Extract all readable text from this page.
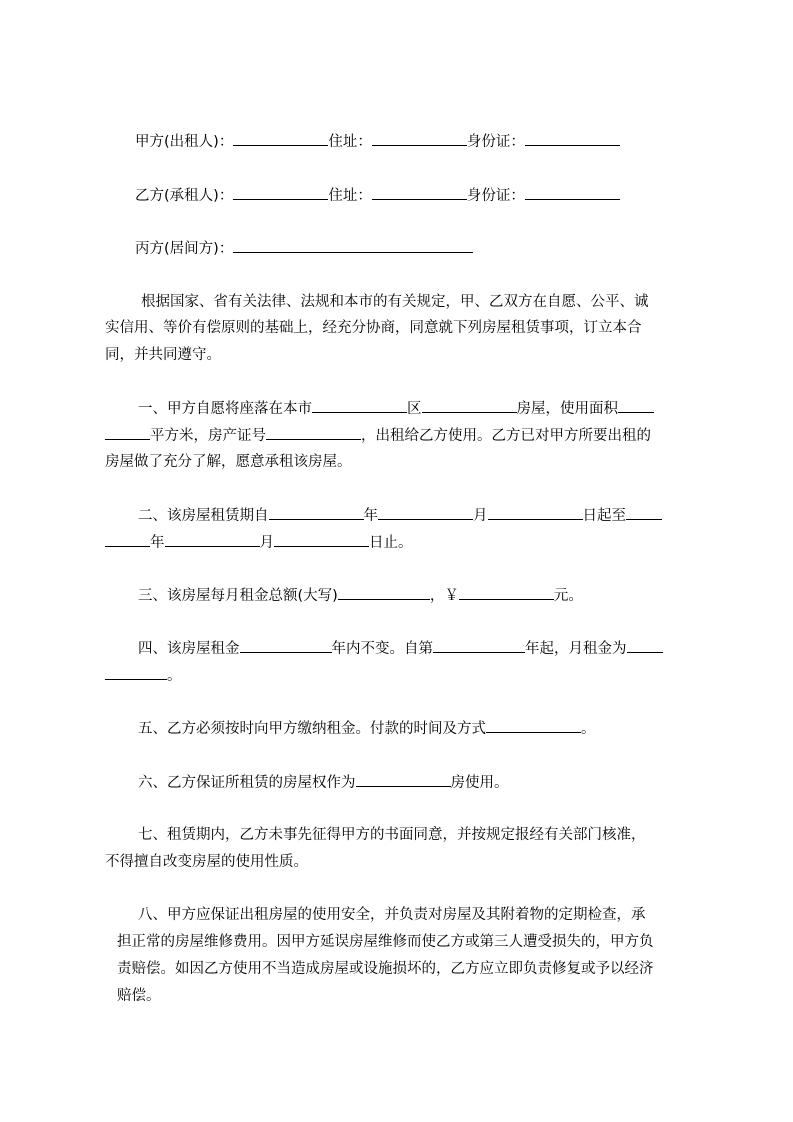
甲方(出租人)：	住址：	身份证：
乙方(承租人)：	住址：	身份证：
丙方(居间方)：
根据国家、省有关法律、法规和本市的有关规定，甲、乙双方在自愿、公平、诚
实信用、等价有偿原则的基础上，经充分协商，同意就下列房屋租赁事项，订立本合
同，并共同遵守。
一、甲方自愿将座落在本市	区	房屋，使用面积
平方米，房产证号	，出租给乙方使用。乙方已对甲方所要出租的
房屋做了充分了解，愿意承租该房屋。
二、该房屋租赁期自	年	月	日起至
年	月	日止。
三、该房屋每月租金总额(大写)	，￥	元。
四、该房屋租金	年内不变。自第	年起，月租金为
。
五、乙方必须按时向甲方缴纳租金。付款的时间及方式	。
六、乙方保证所租赁的房屋权作为	房使用。
七、租赁期内，乙方未事先征得甲方的书面同意，并按规定报经有关部门核准，
不得擅自改变房屋的使用性质。
八、甲方应保证出租房屋的使用安全，并负责对房屋及其附着物的定期检查，承
担正常的房屋维修费用。因甲方延误房屋维修而使乙方或第三人遭受损失的，甲方负
责赔偿。如因乙方使用不当造成房屋或设施损坏的，乙方应立即负责修复或予以经济
赔偿。
